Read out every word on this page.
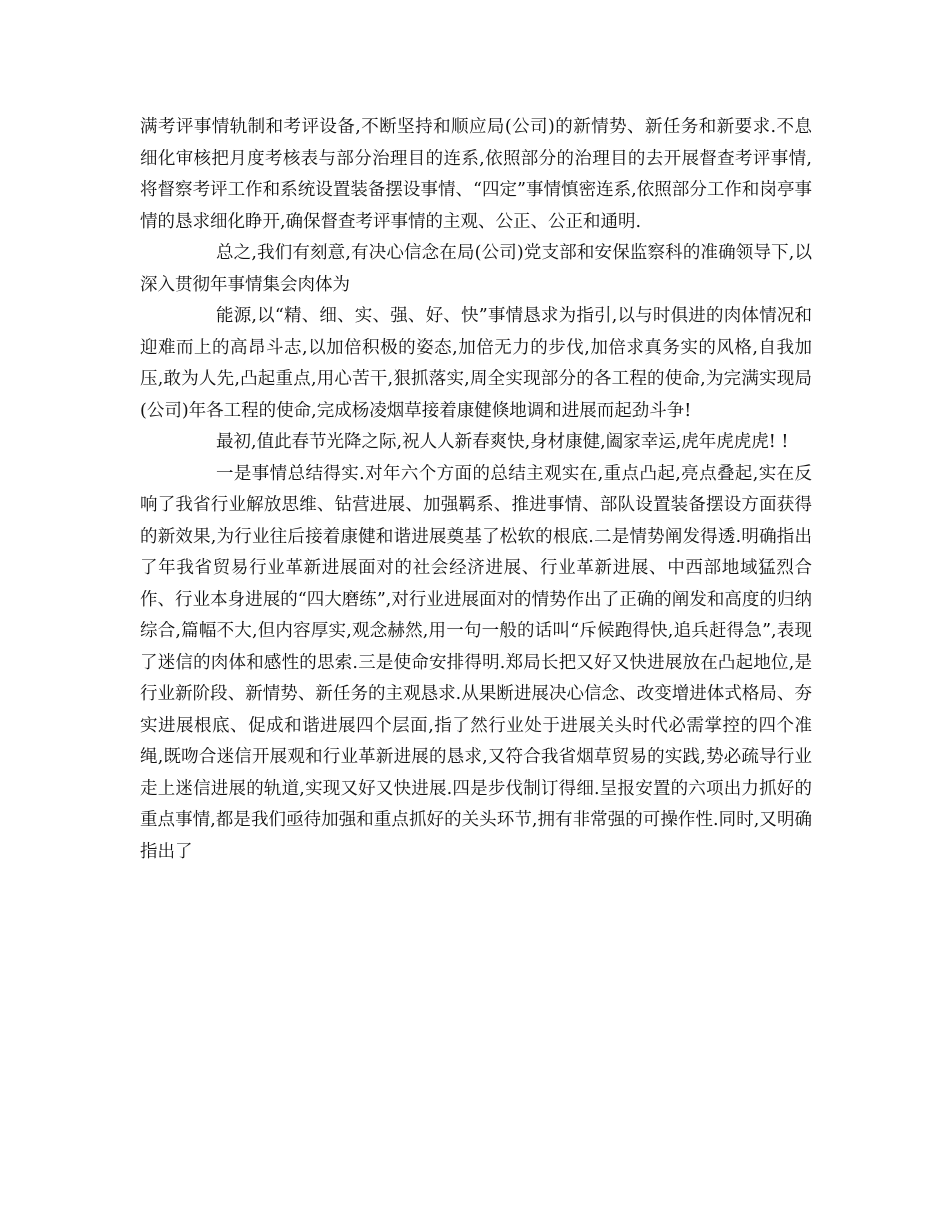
满考评事情轨制和考评设备,不断坚持和顺应局(公司)的新情势、新任务和新要求.不息细化审核把月度考核表与部分治理目的连系,依照部分的治理目的去开展督查考评事情,将督察考评工作和系统设置装备摆设事情、“四定”事情慎密连系,依照部分工作和岗亭事情的恳求细化睁开,确保督查考评事情的主观、公正、公正和通明.

总之,我们有刻意,有决心信念在局(公司)党支部和安保监察科的准确领导下,以深入贯彻年事情集会肉体为

能源,以“精、细、实、强、好、快”事情恳求为指引,以与时俱进的肉体情况和迎难而上的高昂斗志,以加倍积极的姿态,加倍无力的步伐,加倍求真务实的风格,自我加压,敢为人先,凸起重点,用心苦干,狠抓落实,周全实现部分的各工程的使命,为完满实现局(公司)年各工程的使命,完成杨凌烟草接着康健倏地调和进展而起劲斗争!

最初,值此春节光降之际,祝人人新春爽快,身材康健,阖家幸运,虎年虎虎虎! !

一是事情总结得实.对年六个方面的总结主观实在,重点凸起,亮点叠起,实在反响了我省行业解放思维、钻营进展、加强羁系、推进事情、部队设置装备摆设方面获得的新效果,为行业往后接着康健和谐进展奠基了松软的根底.二是情势阐发得透.明确指出了年我省贸易行业革新进展面对的社会经济进展、行业革新进展、中西部地域猛烈合作、行业本身进展的“四大磨练”,对行业进展面对的情势作出了正确的阐发和高度的归纳综合,篇幅不大,但内容厚实,观念赫然,用一句一般的话叫“斥候跑得快,追兵赶得急”,表现了迷信的肉体和感性的思索.三是使命安排得明.郑局长把又好又快进展放在凸起地位,是行业新阶段、新情势、新任务的主观恳求.从果断进展决心信念、改变增进体式格局、夯实进展根底、促成和谐进展四个层面,指了然行业处于进展关头时代必需掌控的四个准绳,既吻合迷信开展观和行业革新进展的恳求,又符合我省烟草贸易的实践,势必疏导行业走上迷信进展的轨道,实现又好又快进展.四是步伐制订得细.呈报安置的六项出力抓好的重点事情,都是我们亟待加强和重点抓好的关头环节,拥有非常强的可操作性.同时,又明确指出了
